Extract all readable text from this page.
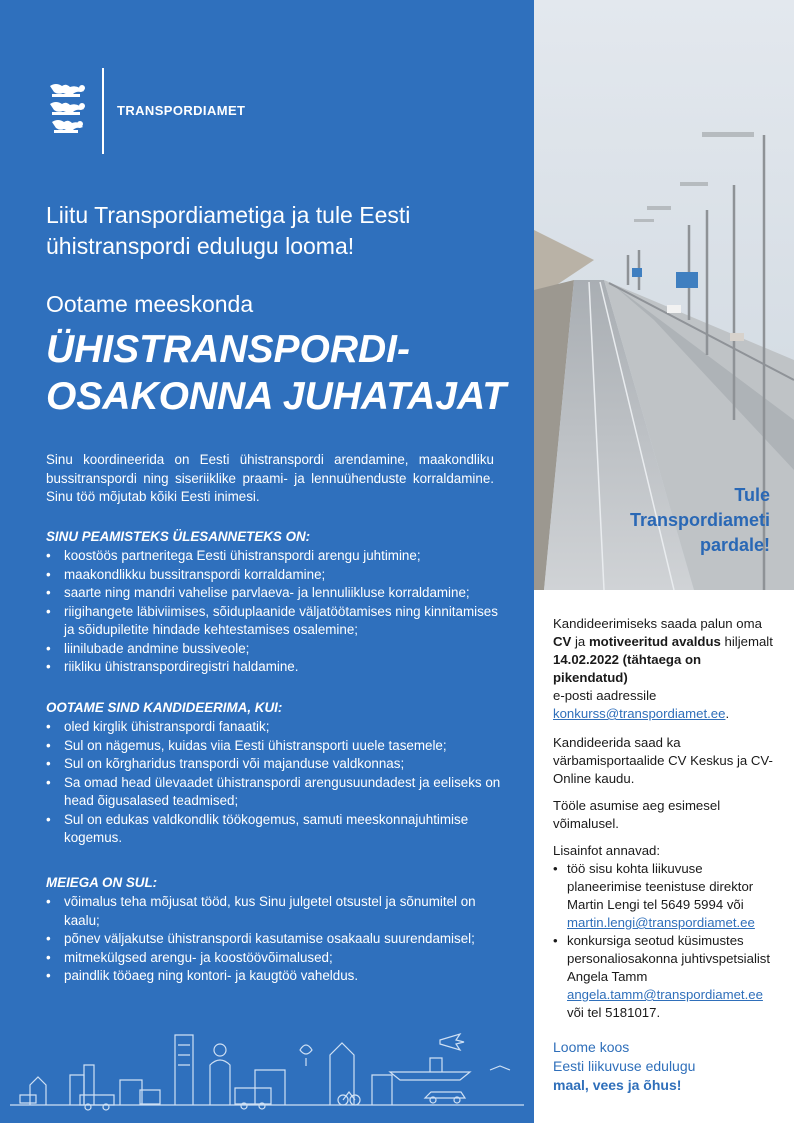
TRANSPORDIAMET
Liitu Transpordiametiga ja tule Eesti
ühistranspordi edulugu looma!
Ootame meeskonda
ÜHISTRANSPORDI-
OSAKONNA JUHATAJAT
Sinu koordineerida on Eesti ühistranspordi arendamine, maakondliku bussitranspordi ning siseriiklike praami- ja lennuühenduste korraldamine. Sinu töö mõjutab kõiki Eesti inimesi.
SINU PEAMISTEKS ÜLESANNETEKS ON:
• koostöös partneritega Eesti ühistranspordi arengu juhtimine;
• maakondlikku bussitranspordi korraldamine;
• saarte ning mandri vahelise parvlaeva- ja lennuliikluse korraldamine;
• riigihangete läbiviimises, sõiduplaanide väljatöötamises ning kinnitamises ja sõidupiletite hindade kehtestamises osalemine;
• liinilubade andmine bussiveole;
• riikliku ühistranspordiregistri haldamine.
OOTAME SIND KANDIDEERIMA, KUI:
• oled kirglik ühistranspordi fanaatik;
• Sul on nägemus, kuidas viia Eesti ühistransporti uuele tasemele;
• Sul on kõrgharidus transpordi või majanduse valdkonnas;
• Sa omad head ülevaadet ühistranspordi arengusuundadest ja eeliseks on head õigusalased teadmised;
• Sul on edukas valdkondlik töökogemus, samuti meeskonnajuhtimise kogemus.
MEIEGA ON SUL:
• võimalus teha mõjusat tööd, kus Sinu julgetel otsustel ja sõnumitel on kaalu;
• põnev väljakutse ühistranspordi kasutamise osakaalu suurendamisel;
• mitmekülgsed arengu- ja koostöövõimalused;
• paindlik tööaeg ning kontori- ja kaugtöö vaheldus.
Tule
Transpordiameti
pardale!
Kandideerimiseks saada palun oma CV ja motiveeritud avaldus hiljemalt 14.02.2022 (tähtaega on pikendatud)
e-posti aadressile
konkurss@transpordiamet.ee.
Kandideerida saad ka värbamisportaalide CV Keskus ja CV-Online kaudu.
Tööle asumise aeg esimesel võimalusel.
Lisainfot annavad:
• töö sisu kohta liikuvuse planeerimise teenistuse direktor Martin Lengi tel 5649 5994 või martin.lengi@transpordiamet.ee
• konkursiga seotud küsimustes personaliosakonna juhtivspetsialist Angela Tamm angela.tamm@transpordiamet.ee või tel 5181017.
Loome koos
Eesti liikuvuse edulugu
maal, vees ja õhus!
